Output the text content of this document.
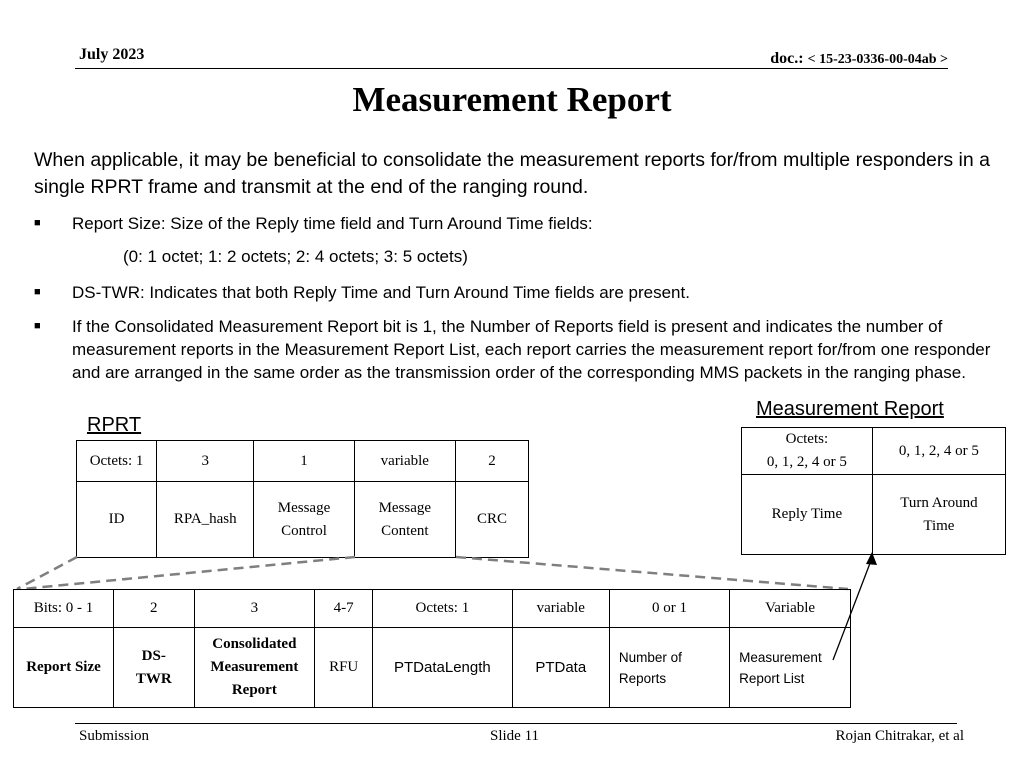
July 2023	doc.: < 15-23-0336-00-04ab >
Measurement Report
When applicable, it may be beneficial to consolidate the measurement reports for/from multiple responders in a single RPRT frame and transmit at the end of the ranging round.
■ Report Size: Size of the Reply time field and Turn Around Time fields:
(0: 1 octet; 1: 2 octets; 2: 4 octets; 3: 5 octets)
■ DS-TWR: Indicates that both Reply Time and Turn Around Time fields are present.
■ If the Consolidated Measurement Report bit is 1, the Number of Reports field is present and indicates the number of measurement reports in the Measurement Report List, each report carries the measurement report for/from one responder and are arranged in the same order as the transmission order of the corresponding MMS packets in the ranging phase.
RPRT
Measurement Report
Octets: 1	3	1	variable	2
ID	RPA_hash	Message Control	Message Content	CRC
Octets:
0, 1, 2, 4 or 5	0, 1, 2, 4 or 5
Reply Time	Turn Around Time
Bits: 0 - 1	2	3	4-7	Octets: 1	variable	0 or 1	Variable
Report Size	DS-TWR	Consolidated Measurement Report	RFU	PTDataLength	PTData	Number of Reports	Measurement Report List
Submission	Slide 11	Rojan Chitrakar, et al
